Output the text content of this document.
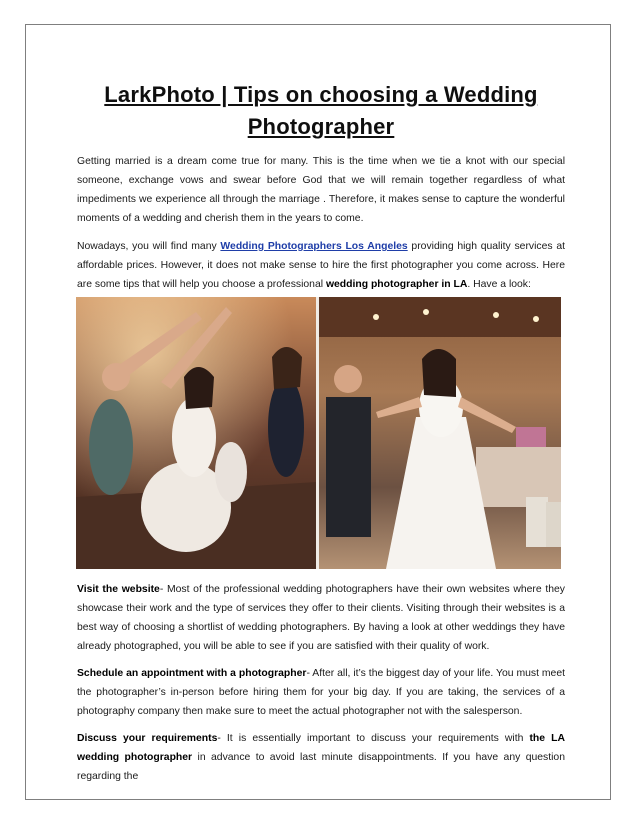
LarkPhoto | Tips on choosing a Wedding Photographer

Getting married is a dream come true for many. This is the time when we tie a knot with our special someone, exchange vows and swear before God that we will remain together regardless of what impediments we experience all through the marriage . Therefore, it makes sense to capture the wonderful moments of a wedding and cherish them in the years to come.

Nowadays, you will find many Wedding Photographers Los Angeles providing high quality services at affordable prices. However, it does not make sense to hire the first photographer you come across. Here are some tips that will help you choose a professional wedding photographer in LA. Have a look:

Visit the website- Most of the professional wedding photographers have their own websites where they showcase their work and the type of services they offer to their clients. Visiting through their websites is a best way of choosing a shortlist of wedding photographers. By having a look at other weddings they have already photographed, you will be able to see if you are satisfied with their quality of work.

Schedule an appointment with a photographer- After all, it’s the biggest day of your life. You must meet the photographer’s in-person before hiring them for your big day. If you are taking, the services of a photography company then make sure to meet the actual photographer not with the salesperson.

Discuss your requirements- It is essentially important to discuss your requirements with the LA wedding photographer in advance to avoid last minute disappointments. If you have any question regarding the
